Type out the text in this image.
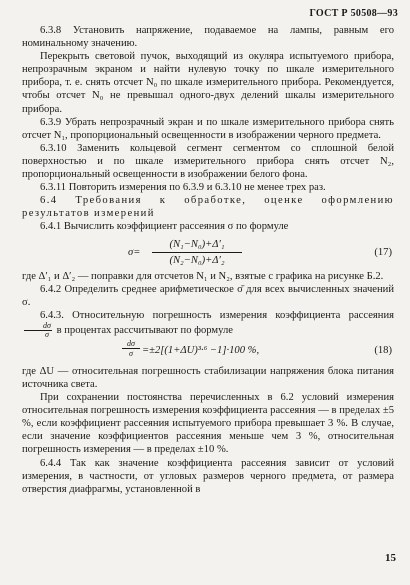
ГОСТ Р 50508—93

6.3.8 Установить напряжение, подаваемое на лампы, равным его номинальному значению.

Перекрыть световой пучок, выходящий из окуляра испытуемого прибора, непрозрачным экраном и найти нулевую точку по шкале измерительного прибора, т. е. снять отсчет N₀ по шкале измерительного прибора. Рекомендуется, чтобы отсчет N₀ не превышал одного-двух делений шкалы измерительного прибора.

6.3.9 Убрать непрозрачный экран и по шкале измерительного прибора снять отсчет N₁, пропорциональный освещенности в изображении черного предмета.

6.3.10 Заменить кольцевой сегмент сегментом со сплошной белой поверхностью и по шкале измерительного прибора снять отсчет N₂, пропорциональный освещенности в изображении белого фона.

6.3.11 Повторить измерения по 6.3.9 и 6.3.10 не менее трех раз.

6.4 Требования к обработке, оценке оформлению результатов измерений

6.4.1 Вычислить коэффициент рассеяния σ по формуле

$\sigma= \frac{\text{(N₁−N₀)+Δ′₁}}{\text{(N₂−N₀)+Δ′₂}}$	(17)

где Δ′₁ и Δ′₂ — поправки для отсчетов N₁ и N₂, взятые с графика на рисунке Б.2.

6.4.2 Определить среднее арифметическое σ̄ для всех вычисленных значений σ.

6.4.3. Относительную погрешность измерения коэффициента рассеяния
$\frac{d\sigma}{\sigma}$ в процентах рассчитывают по формуле

$\frac{d\sigma}{\sigma} =\pm 2[(1+\Delta U)^3\cdot^6 -1]\cdot 100$ %,	(18)

где ΔU — относительная погрешность стабилизации напряжения блока питания источника света.

При сохранении постоянства перечисленных в 6.2 условий измерения относительная погрешность измерения коэффициента рассеяния — в пределах ±5 %, если коэффициент рассеяния испытуемого прибора превышает 3 %. В случае, если значение коэффициентов рассеяния меньше чем 3 %, относительная погрешность измерения — в пределах ±10 %.

6.4.4 Так как значение коэффициента рассеяния зависит от условий измерения, в частности, от угловых размеров черного предмета, от размера отверстия диафрагмы, установленной в

15
